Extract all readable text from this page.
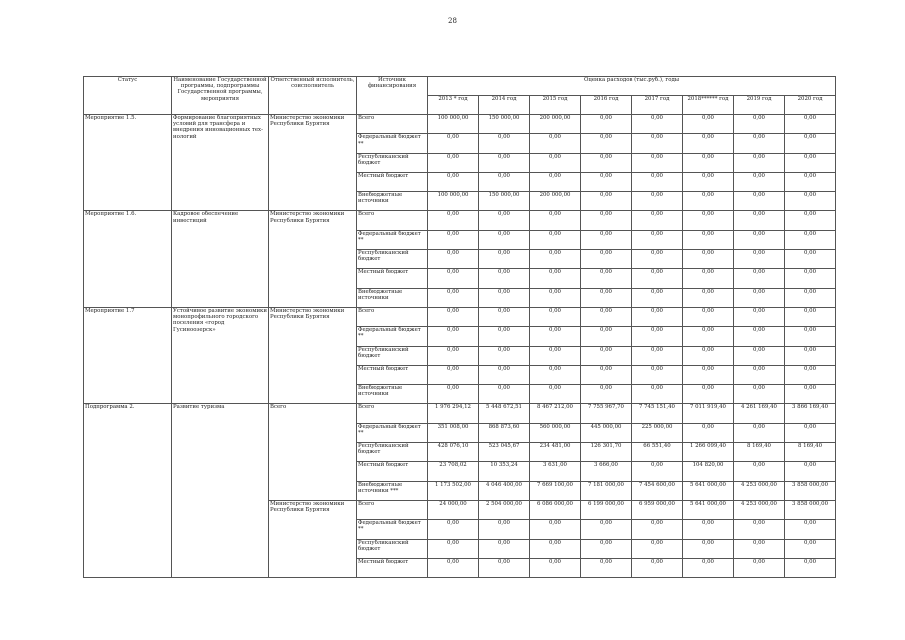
28
Статус	Наименование Государственной программы, подпрограммы Государственной программы, мероприятия	Ответственный исполнитель, соисполнитель	Источник финансирования	Оценка расходов (тыс.руб.), годы							
				2013 * год	2014 год	2015 год	2016 год	2017 год	2018****** год	2019 год	2020 год
Мероприятие 1.5.	Формирование благоприятных условий для трансфера и внедрения инновационных тех-нологий	Министерство экономики Республики Бурятия	Всего	100 000,00	150 000,00	200 000,00	0,00	0,00	0,00	0,00	0,00
			Федеральный бюджет **	0,00	0,00	0,00	0,00	0,00	0,00	0,00	0,00
			Республиканский бюджет	0,00	0,00	0,00	0,00	0,00	0,00	0,00	0,00
			Местный бюджет	0,00	0,00	0,00	0,00	0,00	0,00	0,00	0,00
			Внебюджетные источники	100 000,00	150 000,00	200 000,00	0,00	0,00	0,00	0,00	0,00
Мероприятие 1.6.	Кадровое обеспечение инвестиций	Министерство экономики Республики Бурятия	Всего	0,00	0,00	0,00	0,00	0,00	0,00	0,00	0,00
			Федеральный бюджет **	0,00	0,00	0,00	0,00	0,00	0,00	0,00	0,00
			Республиканский бюджет	0,00	0,00	0,00	0,00	0,00	0,00	0,00	0,00
			Местный бюджет	0,00	0,00	0,00	0,00	0,00	0,00	0,00	0,00
			Внебюджетные источники	0,00	0,00	0,00	0,00	0,00	0,00	0,00	0,00
Мероприятие 1.7	Устойчивое развитие экономики монопрофильного городского поселения «город Гусиноозерск»	Министерство экономики Республики Бурятия	Всего	0,00	0,00	0,00	0,00	0,00	0,00	0,00	0,00
			Федеральный бюджет **	0,00	0,00	0,00	0,00	0,00	0,00	0,00	0,00
			Республиканский бюджет	0,00	0,00	0,00	0,00	0,00	0,00	0,00	0,00
			Местный бюджет	0,00	0,00	0,00	0,00	0,00	0,00	0,00	0,00
			Внебюджетные источники	0,00	0,00	0,00	0,00	0,00	0,00	0,00	0,00
Подпрограмма 2.	Развитие туризма	Всего	Всего	1 976 294,12	5 448 672,51	8 467 212,00	7 755 967,70	7 745 151,40	7 011 919,40	4 261 169,40	3 866 169,40
			Федеральный бюджет **	351 008,00	868 873,60	560 000,00	445 000,00	225 000,00	0,00	0,00	0,00
			Республиканский бюджет	428 076,10	523 045,67	234 481,00	126 301,70	66 551,40	1 266 099,40	8 169,40	8 169,40
			Местный бюджет	23 708,02	10 353,24	3 631,00	3 666,00	0,00	104 820,00	0,00	0,00
			Внебюджетные источники ***	1 173 502,00	4 046 400,00	7 669 100,00	7 181 000,00	7 454 600,00	5 641 000,00	4 253 000,00	3 858 000,00
		Министерство экономики Республики Бурятия	Всего	24 000,00	2 504 000,00	6 086 000,00	6 199 000,00	6 959 000,00	5 641 000,00	4 253 000,00	3 858 000,00
			Федеральный бюджет **	0,00	0,00	0,00	0,00	0,00	0,00	0,00	0,00
			Республиканский бюджет	0,00	0,00	0,00	0,00	0,00	0,00	0,00	0,00
			Местный бюджет	0,00	0,00	0,00	0,00	0,00	0,00	0,00	0,00
